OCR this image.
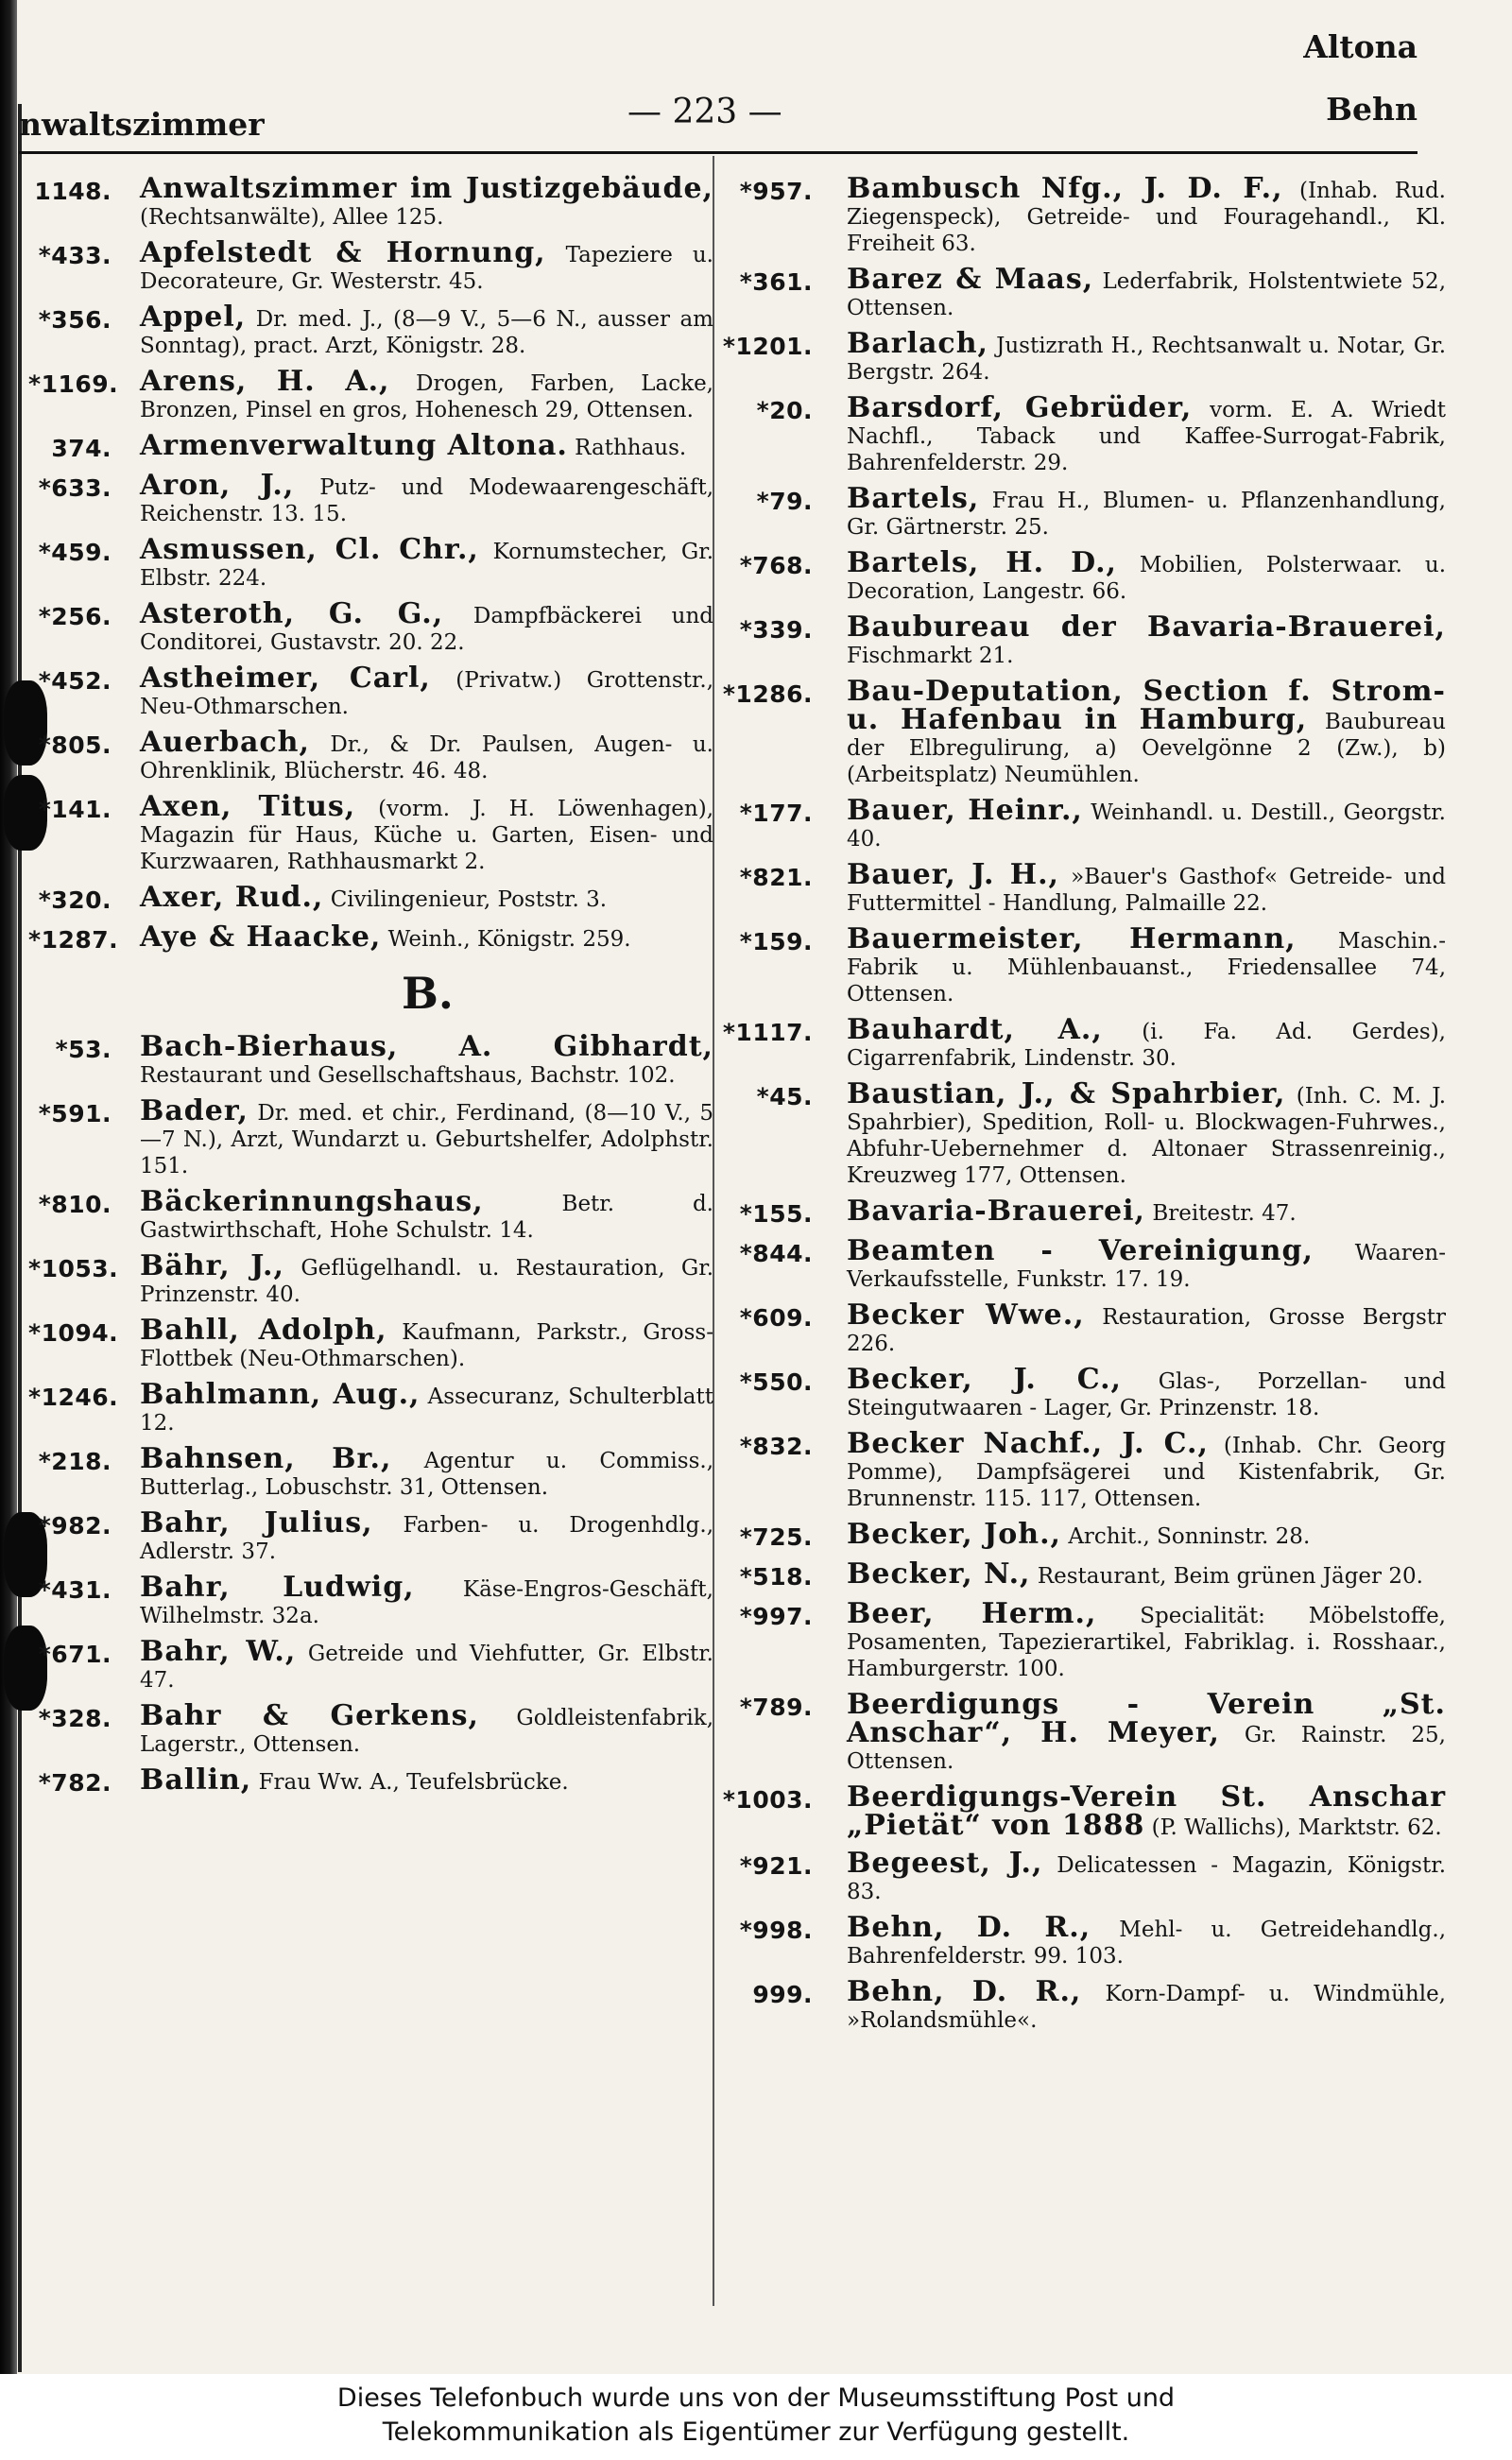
nwaltszimmer	— 223 —
Altona
Behn
1148. Anwaltszimmer im Justizgebäude, (Rechtsanwälte), Allee 125.
*433. Apfelstedt & Hornung, Tapeziere u. Decorateure, Gr. Westerstr. 45.
*356. Appel, Dr. med. J., (8—9 V., 5—6 N., ausser am Sonntag), pract. Arzt, Königstr. 28.
*1169. Arens, H. A., Drogen, Farben, Lacke, Bronzen, Pinsel en gros, Hohenesch 29, Ottensen.
374. Armenverwaltung Altona. Rathhaus.
*633. Aron, J., Putz- und Modewaarengeschäft, Reichenstr. 13. 15.
*459. Asmussen, Cl. Chr., Kornumstecher, Gr. Elbstr. 224.
*256. Asteroth, G. G., Dampfbäckerei und Conditorei, Gustavstr. 20. 22.
*452. Astheimer, Carl, (Privatw.) Grottenstr., Neu-Othmarschen.
*805. Auerbach, Dr., & Dr. Paulsen, Augen- u. Ohrenklinik, Blücherstr. 46. 48.
*141. Axen, Titus, (vorm. J. H. Löwenhagen), Magazin für Haus, Küche u. Garten, Eisen- und Kurzwaaren, Rathhausmarkt 2.
*320. Axer, Rud., Civilingenieur, Poststr. 3.
*1287. Aye & Haacke, Weinh., Königstr. 259.
B.
*53. Bach-Bierhaus, A. Gibhardt, Restaurant und Gesellschaftshaus, Bachstr. 102.
*591. Bader, Dr. med. et chir., Ferdinand, (8—10 V., 5—7 N.), Arzt, Wundarzt u. Geburtshelfer, Adolphstr. 151.
*810. Bäckerinnungshaus,	Betr. d. Gastwirthschaft, Hohe Schulstr. 14.
*1053. Bähr, J., Geflügelhandl. u. Restauration, Gr. Prinzenstr. 40.
*1094. Bahll, Adolph, Kaufmann, Parkstr., Gross-Flottbek (Neu-Othmarschen).
*1246. Bahlmann, Aug., Assecuranz, Schulterblatt 12.
*218. Bahnsen, Br., Agentur u. Commiss., Butterlag., Lobuschstr. 31, Ottensen.
*982. Bahr, Julius, Farben- u. Drogenhdlg., Adlerstr. 37.
*431. Bahr, Ludwig, Käse-Engros-Geschäft, Wilhelmstr. 32a.
*671. Bahr, W., Getreide und Viehfutter, Gr. Elbstr. 47.
*328. Bahr & Gerkens, Goldleistenfabrik, Lagerstr., Ottensen.
*782. Ballin, Frau Ww. A., Teufelsbrücke.
*957. Bambusch Nfg., J. D. F., (Inhab. Rud. Ziegenspeck), Getreide- und Fouragehandl., Kl. Freiheit 63.
*361. Barez & Maas, Lederfabrik, Holstentwiete 52, Ottensen.
*1201. Barlach, Justizrath H., Rechtsanwalt u. Notar, Gr. Bergstr. 264.
*20. Barsdorf, Gebrüder, vorm. E. A. Wriedt Nachfl., Taback und Kaffee-Surrogat-Fabrik, Bahrenfelderstr. 29.
*79. Bartels, Frau H., Blumen- u. Pflanzenhandlung, Gr. Gärtnerstr. 25.
*768. Bartels, H. D., Mobilien, Polsterwaar. u. Decoration, Langestr. 66.
*339. Baubureau der Bavaria-Brauerei, Fischmarkt 21.
*1286. Bau-Deputation, Section f. Strom- u. Hafenbau in Hamburg, Baubureau der Elbregulirung, a) Oevelgönne 2 (Zw.), b) (Arbeitsplatz) Neumühlen.
*177. Bauer, Heinr., Weinhandl. u. Destill., Georgstr. 40.
*821. Bauer, J. H., »Bauer's Gasthof« Getreide- und Futtermittel - Handlung, Palmaille 22.
*159. Bauermeister, Hermann, Maschin.-Fabrik u. Mühlenbauanst., Friedensallee 74, Ottensen.
*1117. Bauhardt, A., (i. Fa. Ad. Gerdes), Cigarrenfabrik, Lindenstr. 30.
*45. Baustian, J., & Spahrbier, (Inh. C. M. J. Spahrbier), Spedition, Roll- u. Blockwagen-Fuhrwes., Abfuhr-Uebernehmer d. Altonaer Strassenreinig., Kreuzweg 177, Ottensen.
*155. Bavaria-Brauerei, Breitestr. 47.
*844. Beamten - Vereinigung, Waaren-Verkaufsstelle, Funkstr. 17. 19.
*609. Becker Wwe., Restauration, Grosse Bergstr 226.
*550. Becker, J. C., Glas-, Porzellan- und Steingutwaaren - Lager, Gr. Prinzenstr. 18.
*832. Becker Nachf., J. C., (Inhab. Chr. Georg Pomme), Dampfsägerei und Kistenfabrik, Gr. Brunnenstr. 115. 117, Ottensen.
*725. Becker, Joh., Archit., Sonninstr. 28.
*518. Becker, N., Restaurant, Beim grünen Jäger 20.
*997. Beer, Herm., Specialität: Möbelstoffe, Posamenten, Tapezierartikel, Fabriklag. i. Rosshaar., Hamburgerstr. 100.
*789. Beerdigungs - Verein „St. Anschar“, H. Meyer, Gr. Rainstr. 25, Ottensen.
*1003. Beerdigungs-Verein St. Anschar „Pietät“ von 1888 (P. Wallichs), Marktstr. 62.
*921. Begeest, J., Delicatessen - Magazin, Königstr. 83.
*998. Behn, D. R., Mehl- u. Getreidehandlg., Bahrenfelderstr. 99. 103.
999. Behn, D. R., Korn-Dampf- u. Windmühle, »Rolandsmühle«.
Dieses Telefonbuch wurde uns von der Museumsstiftung Post und
Telekommunikation als Eigentümer zur Verfügung gestellt.
